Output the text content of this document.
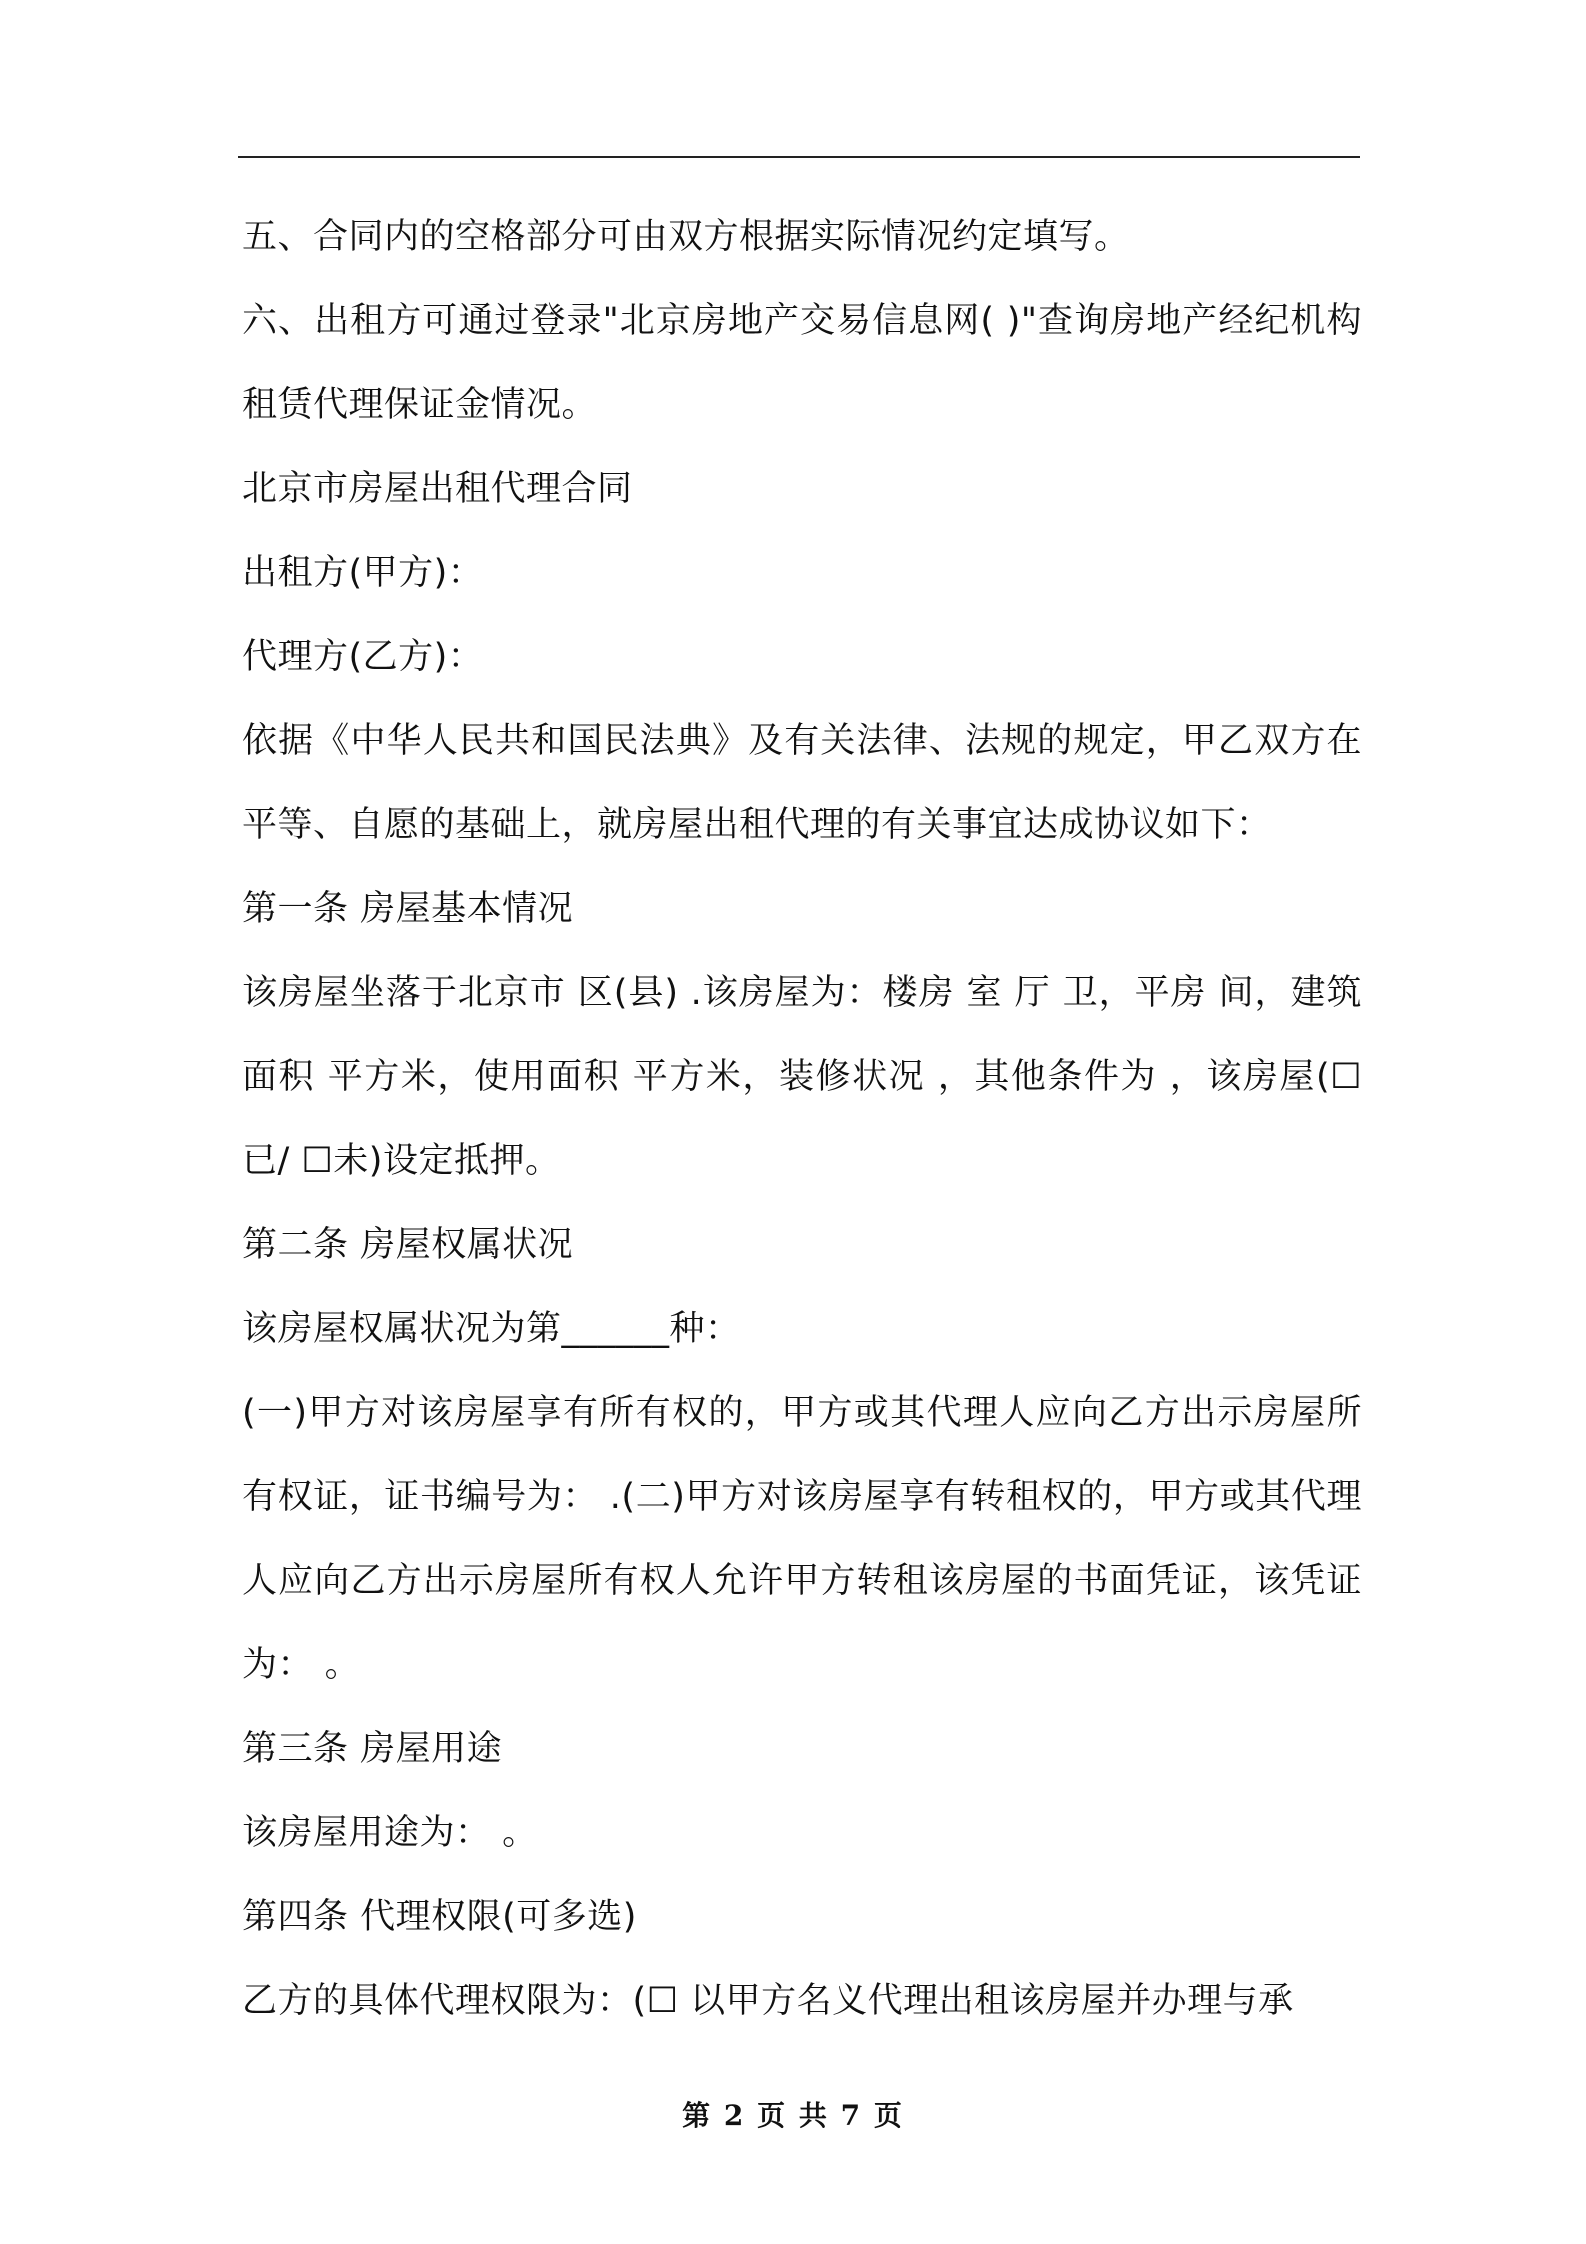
五、合同内的空格部分可由双方根据实际情况约定填写。

六、出租方可通过登录"北京房地产交易信息网( )"查询房地产经纪机构租赁代理保证金情况。

北京市房屋出租代理合同

出租方(甲方)：

代理方(乙方)：

依据《中华人民共和国民法典》及有关法律、法规的规定，甲乙双方在平等、自愿的基础上，就房屋出租代理的有关事宜达成协议如下：

第一条 房屋基本情况

该房屋坐落于北京市 区(县) .该房屋为：楼房 室 厅 卫，平房 间，建筑面积 平方米，使用面积 平方米，装修状况 ，其他条件为 ，该房屋(☐已/ ☐未)设定抵押。

第二条 房屋权属状况

该房屋权属状况为第______种：

(一)甲方对该房屋享有所有权的，甲方或其代理人应向乙方出示房屋所有权证，证书编号为： .(二)甲方对该房屋享有转租权的，甲方或其代理人应向乙方出示房屋所有权人允许甲方转租该房屋的书面凭证，该凭证为： 。

第三条 房屋用途

该房屋用途为： 。

第四条 代理权限(可多选)

乙方的具体代理权限为：(☐ 以甲方名义代理出租该房屋并办理与承

第 2 页 共 7 页
